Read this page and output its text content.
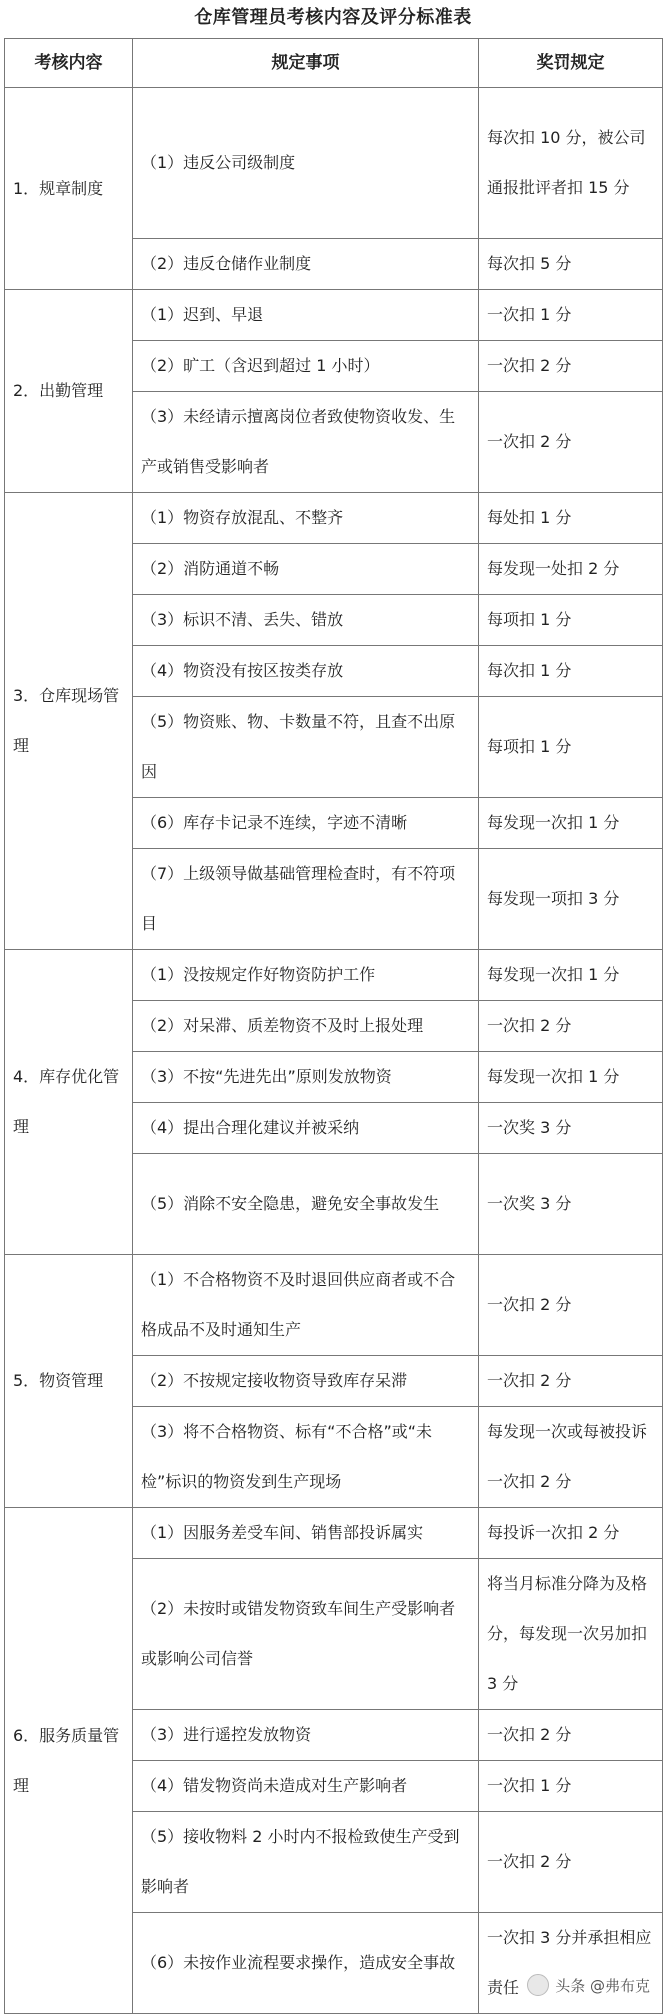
仓库管理员考核内容及评分标准表
考核内容	规定事项	奖罚规定
1．规章制度	（1）违反公司级制度	每次扣 10 分，被公司通报批评者扣 15 分
	（2）违反仓储作业制度	每次扣 5 分
2．出勤管理	（1）迟到、早退	一次扣 1 分
	（2）旷工（含迟到超过 1 小时）	一次扣 2 分
	（3）未经请示擅离岗位者致使物资收发、生产或销售受影响者	一次扣 2 分
3．仓库现场管理	（1）物资存放混乱、不整齐	每处扣 1 分
	（2）消防通道不畅	每发现一处扣 2 分
	（3）标识不清、丢失、错放	每项扣 1 分
	（4）物资没有按区按类存放	每次扣 1 分
	（5）物资账、物、卡数量不符，且查不出原因	每项扣 1 分
	（6）库存卡记录不连续，字迹不清晰	每发现一次扣 1 分
	（7）上级领导做基础管理检查时，有不符项目	每发现一项扣 3 分
4．库存优化管理	（1）没按规定作好物资防护工作	每发现一次扣 1 分
	（2）对呆滞、质差物资不及时上报处理	一次扣 2 分
	（3）不按“先进先出”原则发放物资	每发现一次扣 1 分
	（4）提出合理化建议并被采纳	一次奖 3 分
	（5）消除不安全隐患，避免安全事故发生	一次奖 3 分
5．物资管理	（1）不合格物资不及时退回供应商者或不合格成品不及时通知生产	一次扣 2 分
	（2）不按规定接收物资导致库存呆滞	一次扣 2 分
	（3）将不合格物资、标有“不合格”或“未检”标识的物资发到生产现场	每发现一次或每被投诉一次扣 2 分
6．服务质量管理	（1）因服务差受车间、销售部投诉属实	每投诉一次扣 2 分
	（2）未按时或错发物资致车间生产受影响者或影响公司信誉	将当月标准分降为及格分，每发现一次另加扣 3 分
	（3）进行遥控发放物资	一次扣 2 分
	（4）错发物资尚未造成对生产影响者	一次扣 1 分
	（5）接收物料 2 小时内不报检致使生产受到影响者	一次扣 2 分
	（6）未按作业流程要求操作，造成安全事故	一次扣 3 分并承担相应责任 头条 @弗布克
